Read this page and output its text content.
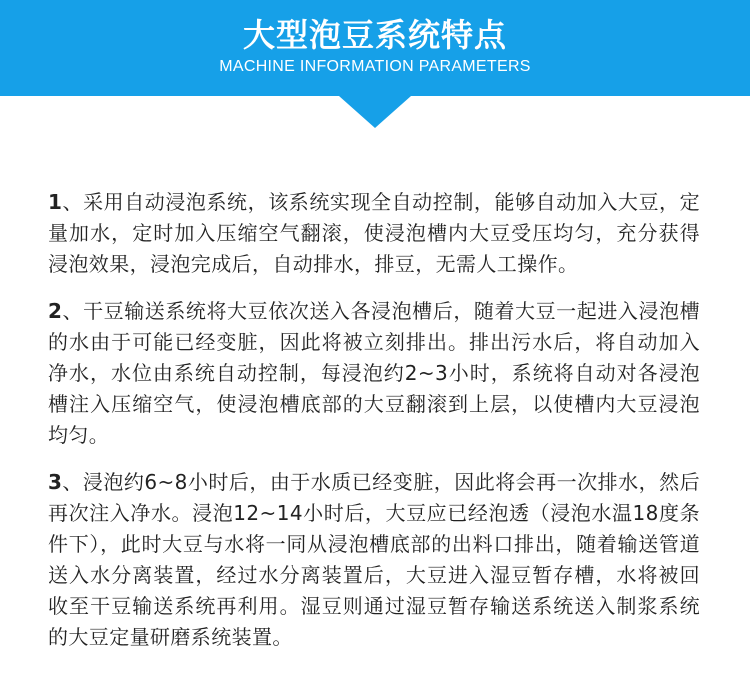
大型泡豆系统特点
MACHINE INFORMATION PARAMETERS

1、采用自动浸泡系统，该系统实现全自动控制，能够自动加入大豆，定量加水，定时加入压缩空气翻滚，使浸泡槽内大豆受压均匀，充分获得浸泡效果，浸泡完成后，自动排水，排豆，无需人工操作。

2、干豆输送系统将大豆依次送入各浸泡槽后，随着大豆一起进入浸泡槽的水由于可能已经变脏，因此将被立刻排出。排出污水后，将自动加入净水，水位由系统自动控制，每浸泡约2~3小时，系统将自动对各浸泡槽注入压缩空气，使浸泡槽底部的大豆翻滚到上层，以使槽内大豆浸泡均匀。

3、浸泡约6~8小时后，由于水质已经变脏，因此将会再一次排水，然后再次注入净水。浸泡12~14小时后，大豆应已经泡透（浸泡水温18度条件下），此时大豆与水将一同从浸泡槽底部的出料口排出，随着输送管道送入水分离装置，经过水分离装置后，大豆进入湿豆暂存槽，水将被回收至干豆输送系统再利用。湿豆则通过湿豆暂存输送系统送入制浆系统的大豆定量研磨系统装置。
